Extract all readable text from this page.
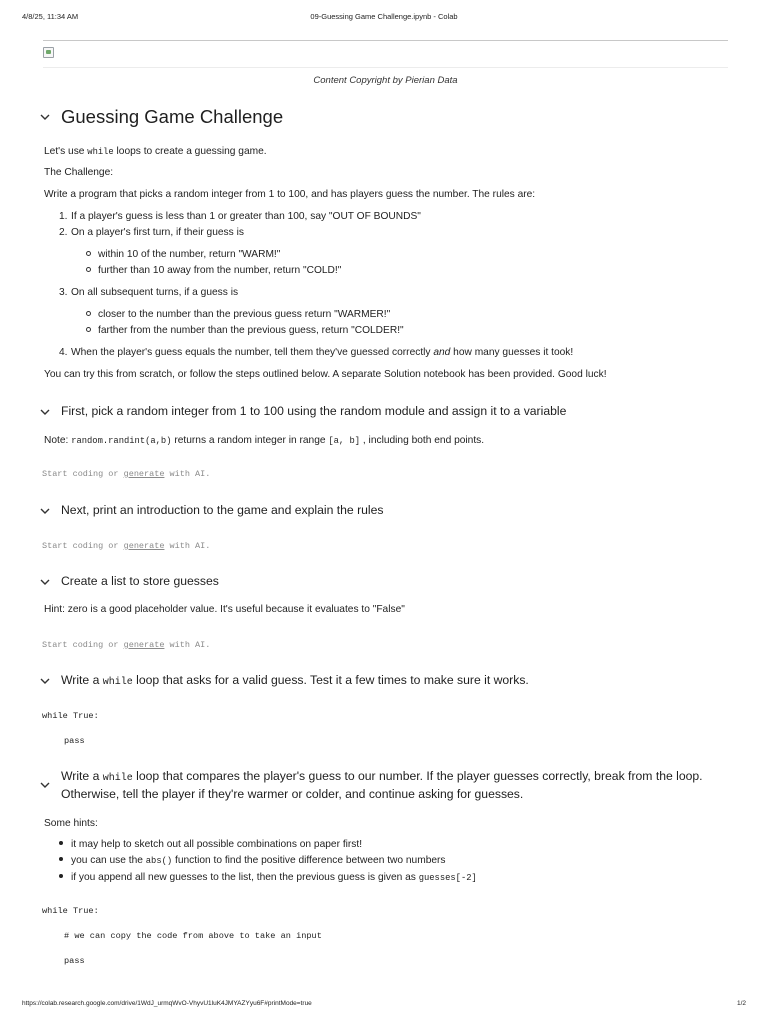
4/8/25, 11:34 AM	09-Guessing Game Challenge.ipynb - Colab
Content Copyright by Pierian Data
Guessing Game Challenge
Let's use while loops to create a guessing game.
The Challenge:
Write a program that picks a random integer from 1 to 100, and has players guess the number. The rules are:
1. If a player's guess is less than 1 or greater than 100, say "OUT OF BOUNDS"
2. On a player's first turn, if their guess is
within 10 of the number, return "WARM!"
further than 10 away from the number, return "COLD!"
3. On all subsequent turns, if a guess is
closer to the number than the previous guess return "WARMER!"
farther from the number than the previous guess, return "COLDER!"
4. When the player's guess equals the number, tell them they've guessed correctly and how many guesses it took!
You can try this from scratch, or follow the steps outlined below. A separate Solution notebook has been provided. Good luck!
First, pick a random integer from 1 to 100 using the random module and assign it to a variable
Note: random.randint(a,b) returns a random integer in range [a, b] , including both end points.
Start coding or generate with AI.
Next, print an introduction to the game and explain the rules
Start coding or generate with AI.
Create a list to store guesses
Hint: zero is a good placeholder value. It's useful because it evaluates to "False"
Start coding or generate with AI.
Write a while loop that asks for a valid guess. Test it a few times to make sure it works.
while True:
pass
Write a while loop that compares the player's guess to our number. If the player guesses correctly, break from the loop.
Otherwise, tell the player if they're warmer or colder, and continue asking for guesses.
Some hints:
it may help to sketch out all possible combinations on paper first!
you can use the abs() function to find the positive difference between two numbers
if you append all new guesses to the list, then the previous guess is given as guesses[-2]
while True:
# we can copy the code from above to take an input
pass
https://colab.research.google.com/drive/1WdJ_urmqWvO-VhyvU1luK4JMYAZYyu6F#printMode=true	1/2
